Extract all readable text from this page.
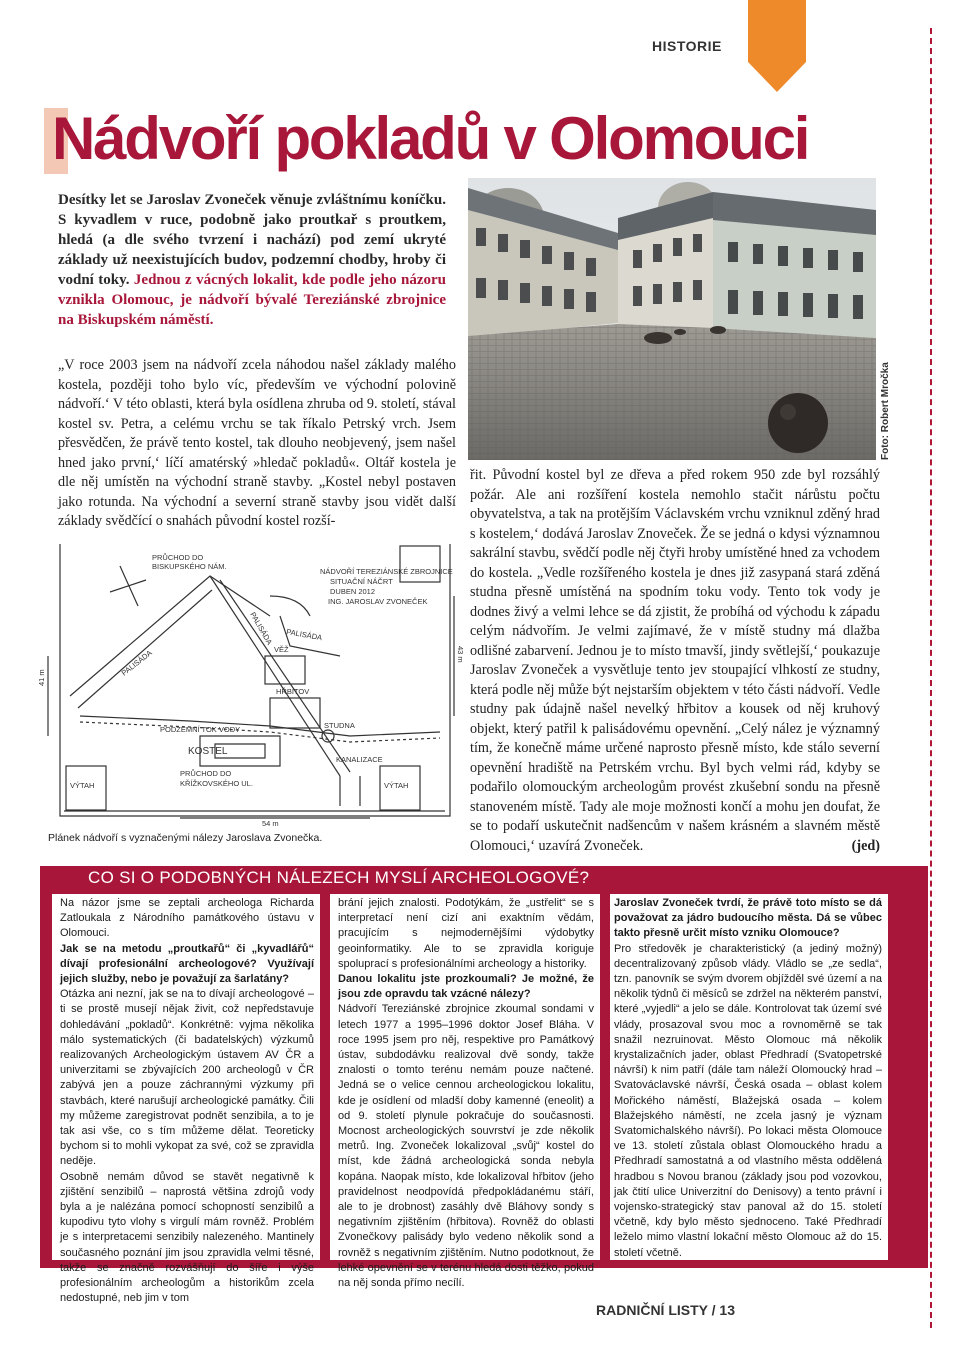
HISTORIE
Nádvoří pokladů v Olomouci
Desítky let se Jaroslav Zvoneček věnuje zvláštnímu koníčku. S kyvadlem v ruce, podobně jako proutkař s proutkem, hledá (a dle svého tvrzení i nachází) pod zemí ukryté základy už neexistujících budov, podzemní chodby, hroby či vodní toky. Jednou z vácných lokalit, kde podle jeho názoru vznikla Olomouc, je nádvoří bývalé Tereziánské zbrojnice na Biskupském náměstí.
Foto: Robert Mročka
„V roce 2003 jsem na nádvoří zcela náhodou našel základy malého kostela, později toho bylo víc, především ve východní polovině nádvoří.‘ V této oblasti, která byla osídlena zhruba od 9. století, stával kostel sv. Petra, a celému vrchu se tak říkalo Petrský vrch. Jsem přesvědčen, že právě tento kostel, tak dlouho neobjevený, jsem našel hned jako první,‘ líčí amatérský »hledač pokladů«. Oltář kostela je dle něj umístěn na východní straně stavby. „Kostel nebyl postaven jako rotunda. Na východní a severní straně stavby jsou vidět další základy svědčící o snahách původní kostel rozší-
řit. Původní kostel byl ze dřeva a před rokem 950 zde byl rozsáhlý požár. Ale ani rozšíření kostela nemohlo stačit nárůstu počtu obyvatelstva, a tak na protějším Václavském vrchu vzniknul zděný hrad s kostelem,‘ dodává Jaroslav Znoveček. Že se jedná o kdysi významnou sakrální stavbu, svědčí podle něj čtyři hroby umístěné hned za vchodem do kostela. „Vedle rozšířeného kostela je dnes již zasypaná stará zděná studna přesně umístěná na spodním toku vody. Tento tok vody je dodnes živý a velmi lehce se dá zjistit, že probíhá od východu k západu celým nádvořím. Je velmi zajímavé, že v místě studny má dlažba odlišné zabarvení. Jednou je to místo tmavší, jindy světlejší,‘ poukazuje Jaroslav Zvoneček a vysvětluje tento jev stoupající vlhkostí ze studny, která podle něj může být nejstarším objektem v této části nádvoří. Vedle studny pak údajně našel nevelký hřbitov a kousek od něj kruhový objekt, který patřil k palisádovému opevnění. „Celý nález je významný tím, že konečně máme určené naprosto přesně místo, kde stálo severní opevnění hradiště na Petrském vrchu. Byl bych velmi rád, kdyby se podařilo olomouckým archeologům provést zkušební sondu na přesně stanoveném místě. Tady ale moje možnosti končí a mohu jen doufat, že se to podaří uskutečnit nadšencům v našem krásném a slavném městě Olomouci,‘ uzavírá Zvoneček.	(jed)
PRŮCHOD DO
BISKUPSKÉHO NÁM.
NÁDVOŘÍ TEREZIÁNSKÉ ZBROJNICE
SITUAČNÍ NÁČRT
DUBEN 2012
ING. JAROSLAV ZVONEČEK
PALISÁDA
PALISÁDA	VĚŽ
HŘBITOV
STUDNA
PODZEMNÍ TOK VODY
KOSTEL
PRŮCHOD DO
KŘÍŽKOVSKÉHO UL.
VÝTAH	VÝTAH
KANALIZACE
41 m
43 m
54 m
PALISÁDA
Plánek nádvoří s vyznačenými nálezy Jaroslava Zvonečka.
CO SI O PODOBNÝCH NÁLEZECH MYSLÍ ARCHEOLOGOVÉ?
Na názor jsme se zeptali archeologa Richarda Zatloukala z Národního památkového ústavu v Olomouci.
Jak se na metodu „proutkařů“ či „kyvadlářů“ dívají profesionální archeologové? Využívají jejich služby, nebo je považují za šarlatány?
Otázka ani nezní, jak se na to dívají archeologové – ti se prostě musejí nějak živit, což nepředstavuje dohledávání „pokladů“. Konkrétně: vyjma několika málo systematických (či badatelských) výzkumů realizovaných Archeologickým ústavem AV ČR a univerzitami se zbývajících 200 archeologů v ČR zabývá jen a pouze záchrannými výzkumy při stavbách, které narušují archeologické památky. Čili my můžeme zaregistrovat podnět senzibila, a to je tak asi vše, co s tím můžeme dělat. Teoreticky bychom si to mohli vykopat za své, což se zpravidla neděje.
Osobně nemám důvod se stavět negativně k zjištění senzibilů – naprostá většina zdrojů vody byla a je nalézána pomocí schopností senzibilů a kupodivu tyto vlohy s virgulí mám rovněž. Problém je s interpretacemi senzibily nalezeného. Mantinely současného poznání jim jsou zpravidla velmi těsné, takže se značně rozvášňují do šíře i výše profesionálním archeologům a historikům zcela nedostupné, neb jim v tom
brání jejich znalosti. Podotýkám, že „ustřelit“ se s interpretací není cizí ani exaktním vědám, pracujícím s nejmodernějšími výdobytky geoinformatiky. Ale to se zpravidla koriguje spoluprací s profesionálními archeology a historiky.
Danou lokalitu jste prozkoumali? Je možné, že jsou zde opravdu tak vzácné nálezy?
Nádvoří Tereziánské zbrojnice zkoumal sondami v letech 1977 a 1995–1996 doktor Josef Bláha. V roce 1995 jsem pro něj, respektive pro Památkový ústav, subdodávku realizoval dvě sondy, takže znalosti o tomto terénu nemám pouze načtené. Jedná se o velice cennou archeologickou lokalitu, kde je osídlení od mladší doby kamenné (eneolit) a od 9. století plynule pokračuje do současnosti. Mocnost archeologických souvrství je zde několik metrů. Ing. Zvoneček lokalizoval „svůj“ kostel do míst, kde žádná archeologická sonda nebyla kopána. Naopak místo, kde lokalizoval hřbitov (jeho pravidelnost neodpovídá předpokládanému stáří, ale to je drobnost) zasáhly dvě Bláhovy sondy s negativním zjištěním (hřbitova). Rovněž do oblasti Zvonečkovy palisády bylo vedeno několik sond a rovněž s negativním zjištěním. Nutno podotknout, že lehké opevnění se v terénu hledá dosti těžko, pokud na něj sonda přímo necílí.
Jaroslav Zvoneček tvrdí, že právě toto místo se dá považovat za jádro budoucího města. Dá se vůbec takto přesně určit místo vzniku Olomouce?
Pro středověk je charakteristický (a jediný možný) decentralizovaný způsob vlády. Vládlo se „ze sedla“, tzn. panovník se svým dvorem objížděl své území a na několik týdnů či měsíců se zdržel na některém panství, které „vyjedli“ a jelo se dále. Kontrolovat tak území své vlády, prosazoval svou moc a rovnoměrně se tak snažil nezruinovat. Město Olomouc má několik krystalizačních jader, oblast Předhradí (Svatopetrské návrší) k nim patří (dále tam náleží Olomoucký hrad – Svatováclavské návrší, Česká osada – oblast kolem Mořického náměstí, Blažejská osada – kolem Blažejského náměstí, ne zcela jasný je význam Svatomichalského návrší). Po lokaci města Olomouce ve 13. století zůstala oblast Olomouckého hradu a Předhradí samostatná a od vlastního města oddělená hradbou s Novou branou (základy jsou pod vozovkou, jak čtití ulice Univerzitní do Denisovy) a tento právní i vojensko-strategický stav panoval až do 15. století včetně, kdy bylo město sjednoceno. Také Předhradí leželo mimo vlastní lokační město Olomouc až do 15. století včetně.
RADNIČNÍ LISTY / 13
